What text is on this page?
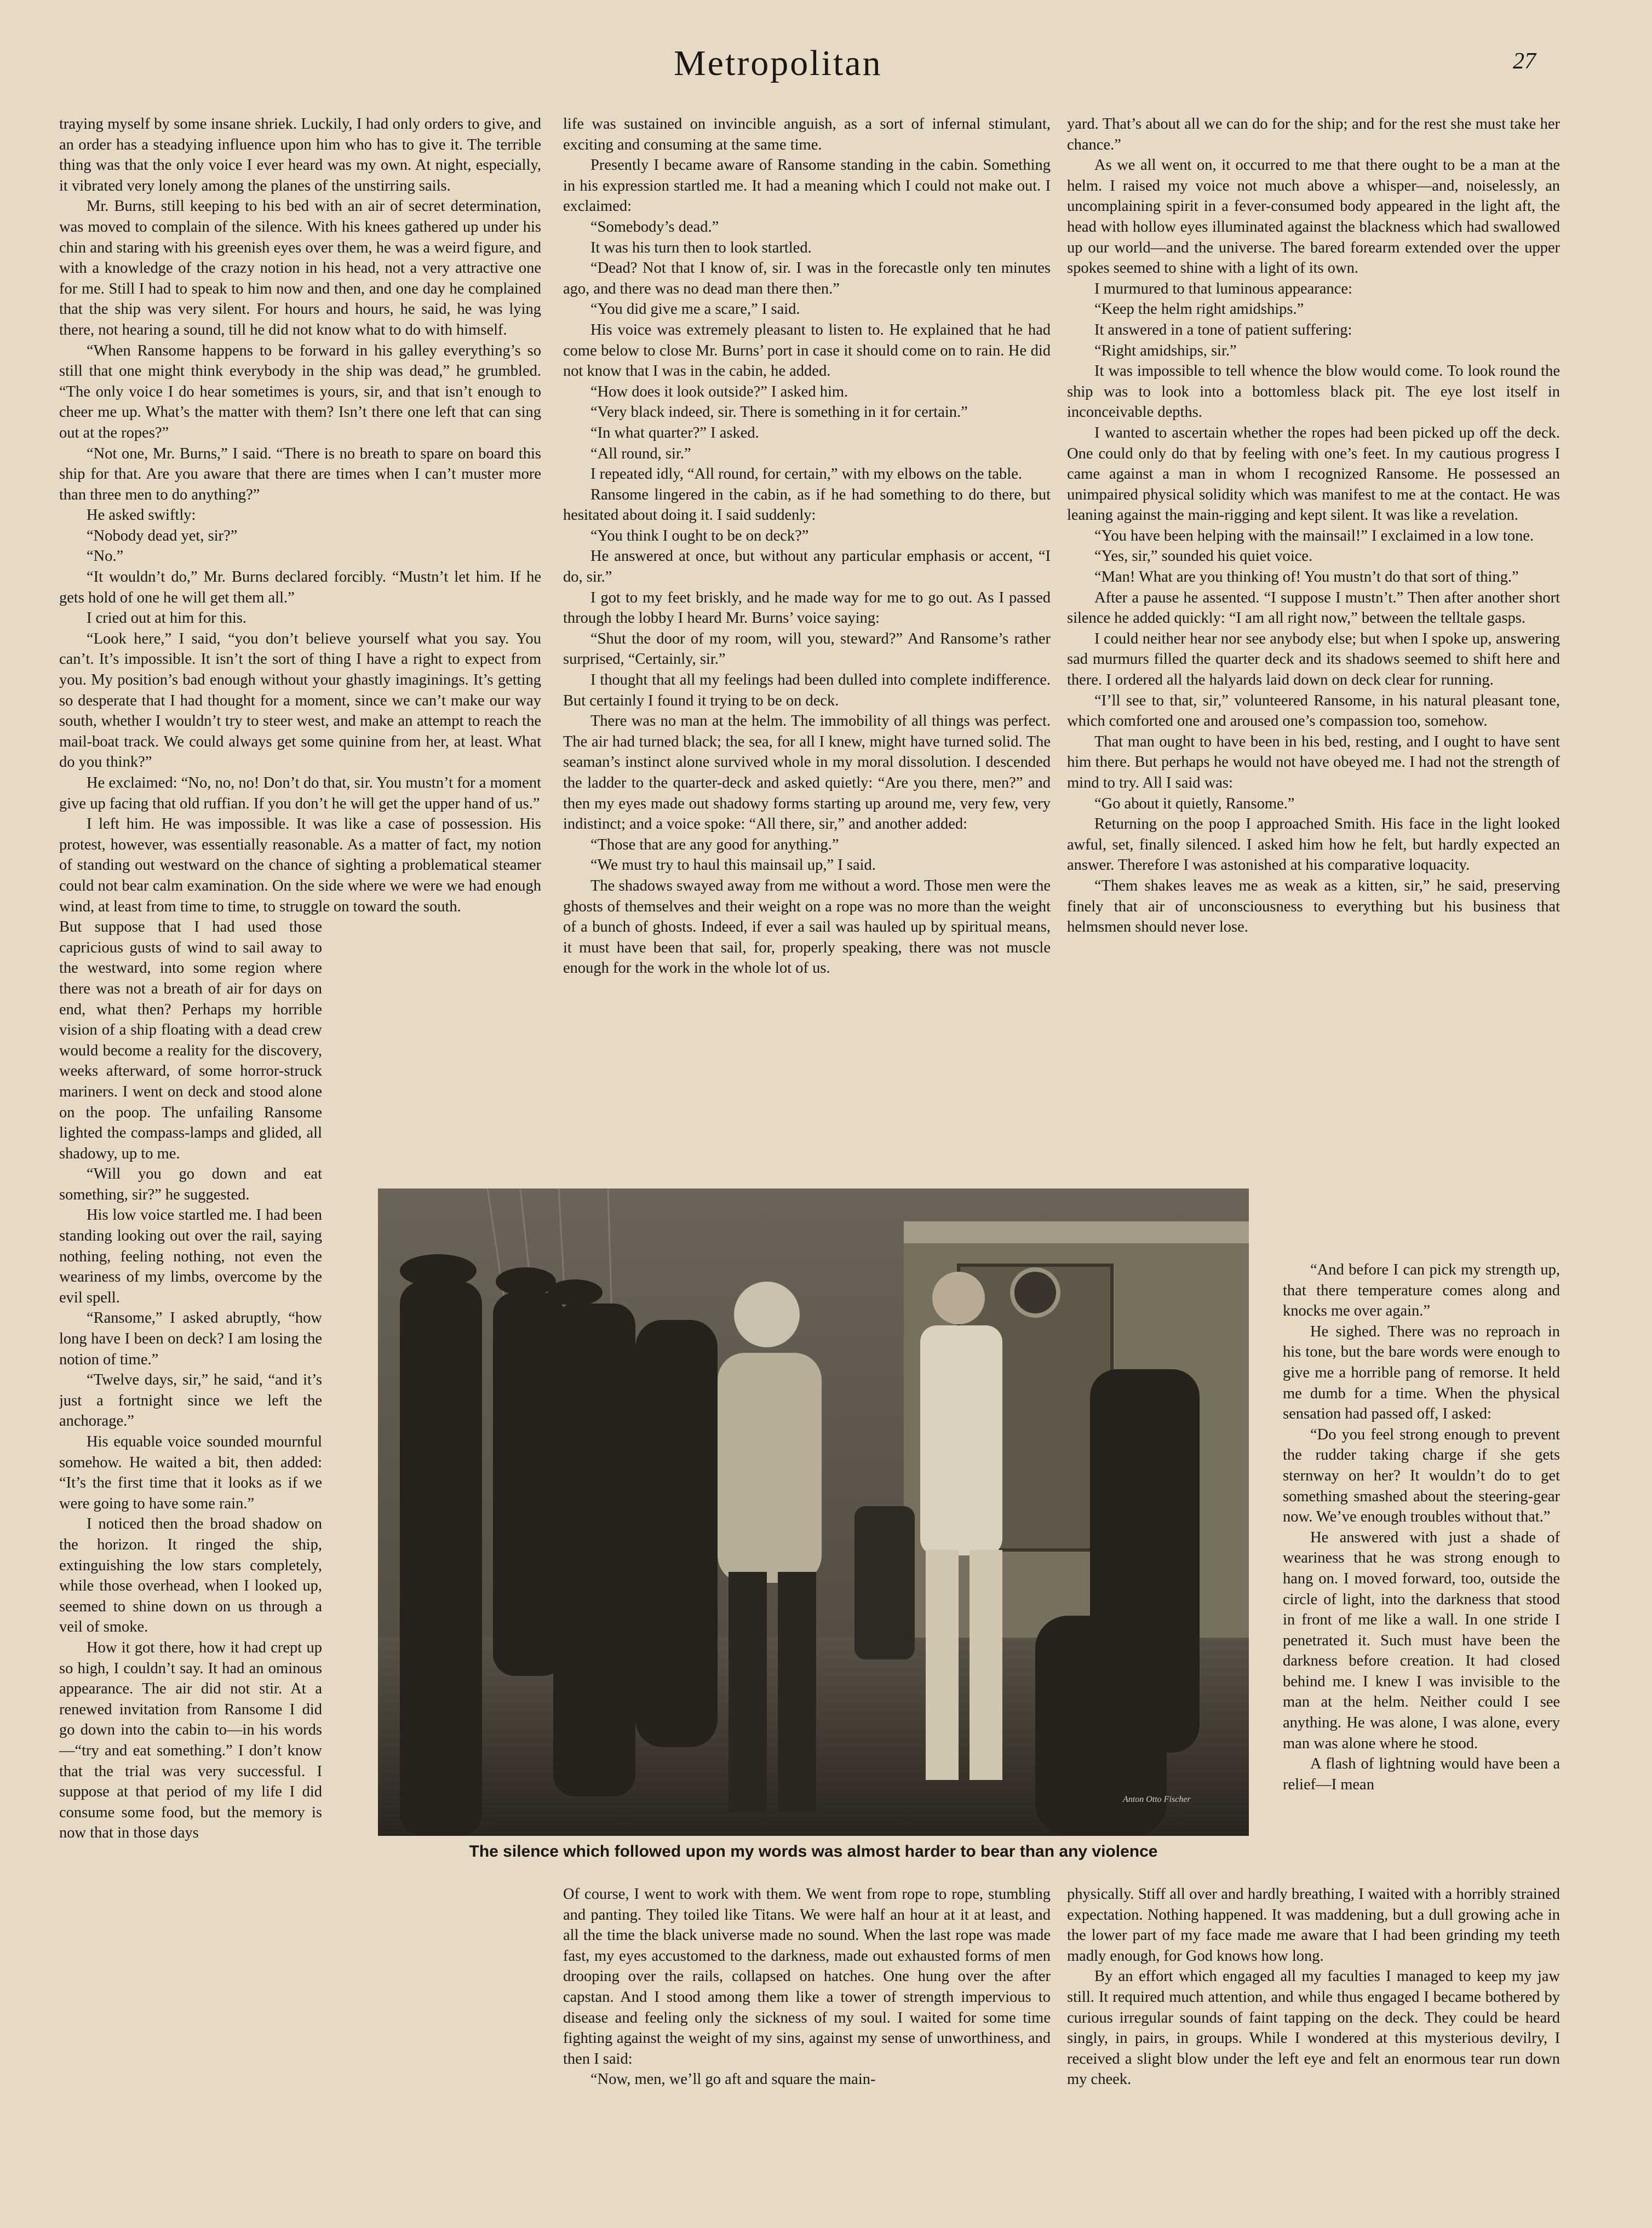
Metropolitan	27

traying myself by some insane shriek. Luckily, I had only orders to give, and an order has a steadying influence upon him who has to give it. The terrible thing was that the only voice I ever heard was my own. At night, especially, it vibrated very lonely among the planes of the unstirring sails.

Mr. Burns, still keeping to his bed with an air of secret determination, was moved to complain of the silence. With his knees gathered up under his chin and staring with his greenish eyes over them, he was a weird figure, and with a knowledge of the crazy notion in his head, not a very attractive one for me. Still I had to speak to him now and then, and one day he complained that the ship was very silent. For hours and hours, he said, he was lying there, not hearing a sound, till he did not know what to do with himself.

“When Ransome happens to be forward in his galley everything’s so still that one might think everybody in the ship was dead,” he grumbled. “The only voice I do hear sometimes is yours, sir, and that isn’t enough to cheer me up. What’s the matter with them? Isn’t there one left that can sing out at the ropes?”

“Not one, Mr. Burns,” I said. “There is no breath to spare on board this ship for that. Are you aware that there are times when I can’t muster more than three men to do anything?”

He asked swiftly:

“Nobody dead yet, sir?”

“No.”

“It wouldn’t do,” Mr. Burns declared forcibly. “Mustn’t let him. If he gets hold of one he will get them all.”

I cried out at him for this.

“Look here,” I said, “you don’t believe yourself what you say. You can’t. It’s impossible. It isn’t the sort of thing I have a right to expect from you. My position’s bad enough without your ghastly imaginings. It’s getting so desperate that I had thought for a moment, since we can’t make our way south, whether I wouldn’t try to steer west, and make an attempt to reach the mail-boat track. We could always get some quinine from her, at least. What do you think?”

He exclaimed: “No, no, no! Don’t do that, sir. You mustn’t for a moment give up facing that old ruffian. If you don’t he will get the upper hand of us.”

I left him. He was impossible. It was like a case of possession. His protest, however, was essentially reasonable. As a matter of fact, my notion of standing out westward on the chance of sighting a problematical steamer could not bear calm examination. On the side where we were we had enough wind, at least from time to time, to struggle on toward the south.

But suppose that I had used those capricious gusts of wind to sail away to the westward, into some region where there was not a breath of air for days on end, what then? Perhaps my horrible vision of a ship floating with a dead crew would become a reality for the discovery, weeks afterward, of some horror-struck mariners. I went on deck and stood alone on the poop. The unfailing Ransome lighted the compass-lamps and glided, all shadowy, up to me.

“Will you go down and eat something, sir?” he suggested.

His low voice startled me. I had been standing looking out over the rail, saying nothing, feeling nothing, not even the weariness of my limbs, overcome by the evil spell.

“Ransome,” I asked abruptly, “how long have I been on deck? I am losing the notion of time.”

“Twelve days, sir,” he said, “and it’s just a fortnight since we left the anchorage.”

His equable voice sounded mournful somehow. He waited a bit, then added: “It’s the first time that it looks as if we were going to have some rain.”

I noticed then the broad shadow on the horizon. It ringed the ship, extinguishing the low stars completely, while those overhead, when I looked up, seemed to shine down on us through a veil of smoke.

How it got there, how it had crept up so high, I couldn’t say. It had an ominous appearance. The air did not stir. At a renewed invitation from Ransome I did go down into the cabin to—in his words—“try and eat something.” I don’t know that the trial was very successful. I suppose at that period of my life I did consume some food, but the memory is now that in those days

life was sustained on invincible anguish, as a sort of infernal stimulant, exciting and consuming at the same time.

Presently I became aware of Ransome standing in the cabin. Something in his expression startled me. It had a meaning which I could not make out. I exclaimed:

“Somebody’s dead.”

It was his turn then to look startled.

“Dead? Not that I know of, sir. I was in the forecastle only ten minutes ago, and there was no dead man there then.”

“You did give me a scare,” I said.

His voice was extremely pleasant to listen to. He explained that he had come below to close Mr. Burns’ port in case it should come on to rain. He did not know that I was in the cabin, he added.

“How does it look outside?” I asked him.

“Very black indeed, sir. There is something in it for certain.”

“In what quarter?” I asked.

“All round, sir.”

I repeated idly, “All round, for certain,” with my elbows on the table.

Ransome lingered in the cabin, as if he had something to do there, but hesitated about doing it. I said suddenly:

“You think I ought to be on deck?”

He answered at once, but without any particular emphasis or accent, “I do, sir.”

I got to my feet briskly, and he made way for me to go out. As I passed through the lobby I heard Mr. Burns’ voice saying:

“Shut the door of my room, will you, steward?” And Ransome’s rather surprised, “Certainly, sir.”

I thought that all my feelings had been dulled into complete indifference. But certainly I found it trying to be on deck.

There was no man at the helm. The immobility of all things was perfect. The air had turned black; the sea, for all I knew, might have turned solid. The seaman’s instinct alone survived whole in my moral dissolution. I descended the ladder to the quarter-deck and asked quietly: “Are you there, men?” and then my eyes made out shadowy forms starting up around me, very few, very indistinct; and a voice spoke: “All there, sir,” and another added:

“Those that are any good for anything.”

“We must try to haul this mainsail up,” I said.

The shadows swayed away from me without a word. Those men were the ghosts of themselves and their weight on a rope was no more than the weight of a bunch of ghosts. Indeed, if ever a sail was hauled up by spiritual means, it must have been that sail, for, properly speaking, there was not muscle enough for the work in the whole lot of us.

yard. That’s about all we can do for the ship; and for the rest she must take her chance.”

As we all went on, it occurred to me that there ought to be a man at the helm. I raised my voice not much above a whisper—and, noiselessly, an uncomplaining spirit in a fever-consumed body appeared in the light aft, the head with hollow eyes illuminated against the blackness which had swallowed up our world—and the universe. The bared forearm extended over the upper spokes seemed to shine with a light of its own.

I murmured to that luminous appearance:

“Keep the helm right amidships.”

It answered in a tone of patient suffering:

“Right amidships, sir.”

It was impossible to tell whence the blow would come. To look round the ship was to look into a bottomless black pit. The eye lost itself in inconceivable depths.

I wanted to ascertain whether the ropes had been picked up off the deck. One could only do that by feeling with one’s feet. In my cautious progress I came against a man in whom I recognized Ransome. He possessed an unimpaired physical solidity which was manifest to me at the contact. He was leaning against the main-rigging and kept silent. It was like a revelation.

“You have been helping with the mainsail!” I exclaimed in a low tone.

“Yes, sir,” sounded his quiet voice.

“Man! What are you thinking of! You mustn’t do that sort of thing.”

After a pause he assented. “I suppose I mustn’t.” Then after another short silence he added quickly: “I am all right now,” between the telltale gasps.

I could neither hear nor see anybody else; but when I spoke up, answering sad murmurs filled the quarter deck and its shadows seemed to shift here and there. I ordered all the halyards laid down on deck clear for running.

“I’ll see to that, sir,” volunteered Ransome, in his natural pleasant tone, which comforted one and aroused one’s compassion too, somehow.

That man ought to have been in his bed, resting, and I ought to have sent him there. But perhaps he would not have obeyed me. I had not the strength of mind to try. All I said was:

“Go about it quietly, Ransome.”

Returning on the poop I approached Smith. His face in the light looked awful, set, finally silenced. I asked him how he felt, but hardly expected an answer. Therefore I was astonished at his comparative loquacity.

“Them shakes leaves me as weak as a kitten, sir,” he said, preserving finely that air of unconsciousness to everything but his business that helmsmen should never lose.

“And before I can pick my strength up, that there temperature comes along and knocks me over again.”

He sighed. There was no reproach in his tone, but the bare words were enough to give me a horrible pang of remorse. It held me dumb for a time. When the physical sensation had passed off, I asked:

“Do you feel strong enough to prevent the rudder taking charge if she gets sternway on her? It wouldn’t do to get something smashed about the steering-gear now. We’ve enough troubles without that.”

He answered with just a shade of weariness that he was strong enough to hang on. I moved forward, too, outside the circle of light, into the darkness that stood in front of me like a wall. In one stride I penetrated it. Such must have been the darkness before creation. It had closed behind me. I knew I was invisible to the man at the helm. Neither could I see anything. He was alone, I was alone, every man was alone where he stood.

A flash of lightning would have been a relief—I mean

Of course, I went to work with them. We went from rope to rope, stumbling and panting. They toiled like Titans. We were half an hour at it at least, and all the time the black universe made no sound. When the last rope was made fast, my eyes accustomed to the darkness, made out exhausted forms of men drooping over the rails, collapsed on hatches. One hung over the after capstan. And I stood among them like a tower of strength impervious to disease and feeling only the sickness of my soul. I waited for some time fighting against the weight of my sins, against my sense of unworthiness, and then I said:

“Now, men, we’ll go aft and square the main-

physically. Stiff all over and hardly breathing, I waited with a horribly strained expectation. Nothing happened. It was maddening, but a dull growing ache in the lower part of my face made me aware that I had been grinding my teeth madly enough, for God knows how long.

By an effort which engaged all my faculties I managed to keep my jaw still. It required much attention, and while thus engaged I became bothered by curious irregular sounds of faint tapping on the deck. They could be heard singly, in pairs, in groups. While I wondered at this mysterious devilry, I received a slight blow under the left eye and felt an enormous tear run down my cheek.

Anton Otto Fischer
The silence which followed upon my words was almost harder to bear than any violence
